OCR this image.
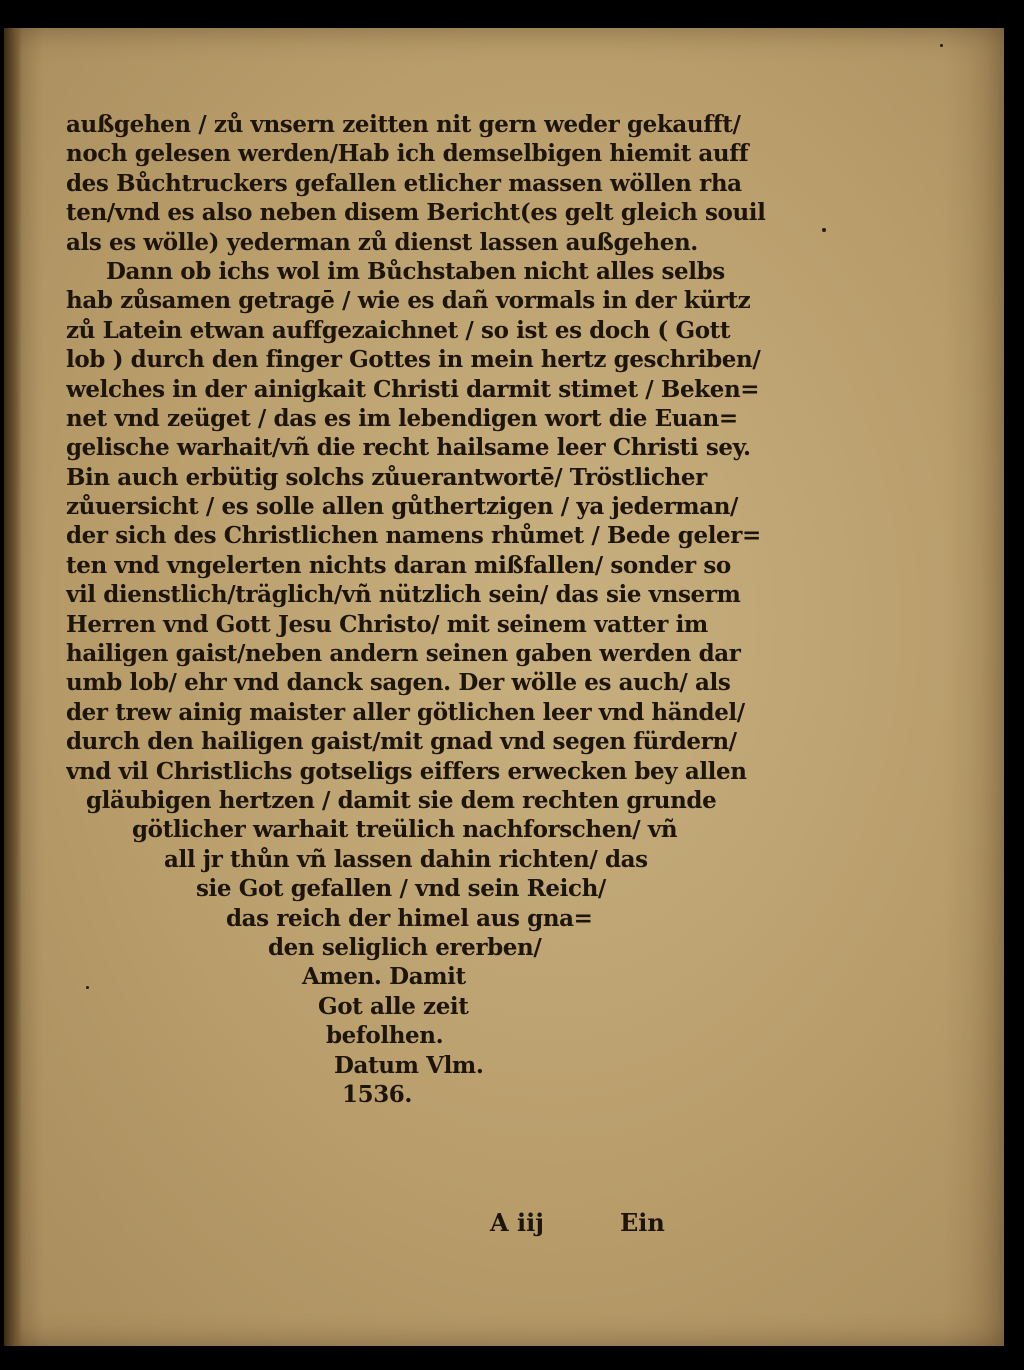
außgehen / zů vnsern zeitten nit gern weder gekaufft/
noch gelesen werden/Hab ich demselbigen hiemit auff
des Bůchtruckers gefallen etlicher massen wöllen rha
ten/vnd es also neben disem Bericht(es gelt gleich souil
als es wölle) yederman zů dienst lassen außgehen.
Dann ob ichs wol im Bůchstaben nicht alles selbs
hab zůsamen getragē / wie es dañ vormals in der kürtz
zů Latein etwan auffgezaichnet / so ist es doch ( Gott
lob ) durch den finger Gottes in mein hertz geschriben/
welches in der ainigkait Christi darmit stimet / Beken=
net vnd zeüget / das es im lebendigen wort die Euan=
gelische warhait/vñ die recht hailsame leer Christi sey.
Bin auch erbütig solchs zůuerantwortē/ Tröstlicher
zůuersicht / es solle allen gůthertzigen / ya jederman/
der sich des Christlichen namens rhůmet / Bede geler=
ten vnd vngelerten nichts daran mißfallen/ sonder so
vil dienstlich/träglich/vñ nützlich sein/ das sie vnserm
Herren vnd Gott Jesu Christo/ mit seinem vatter im
hailigen gaist/neben andern seinen gaben werden dar
umb lob/ ehr vnd danck sagen. Der wölle es auch/ als
der trew ainig maister aller götlichen leer vnd händel/
durch den hailigen gaist/mit gnad vnd segen fürdern/
vnd vil Christlichs gotseligs eiffers erwecken bey allen
gläubigen hertzen / damit sie dem rechten grunde
götlicher warhait treülich nachforschen/ vñ
all jr thůn vñ lassen dahin richten/ das
sie Got gefallen / vnd sein Reich/
das reich der himel aus gna=
den seliglich ererben/
Amen. Damit
Got alle zeit
befolhen.
Datum Vlm.
1536.
A iij	Ein
